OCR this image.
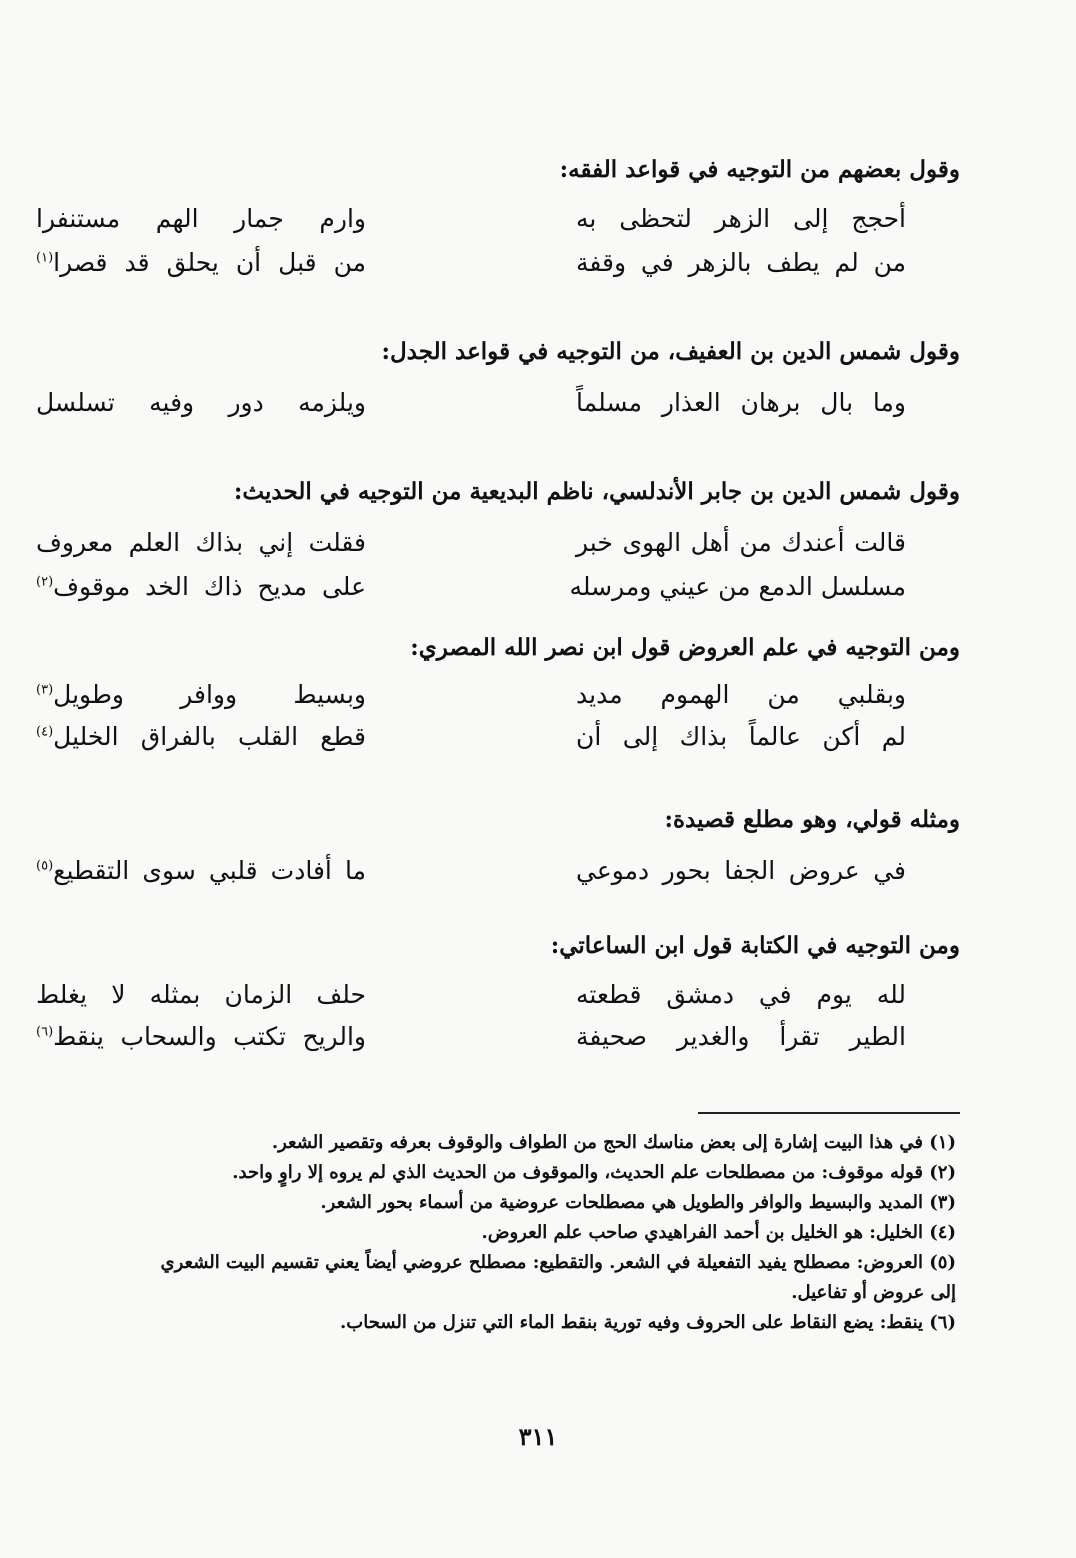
وقول بعضهم من التوجيه في قواعد الفقه:
أحجج إلى الزهر لتحظى به
وارم جمار الهم مستنفرا
من لم يطف بالزهر في وقفة
من قبل أن يحلق قد قصرا$^{(١)}$
وقول شمس الدين بن العفيف، من التوجيه في قواعد الجدل:
وما بال برهان العذار مسلماً
ويلزمه دور وفيه تسلسل
وقول شمس الدين بن جابر الأندلسي، ناظم البديعية من التوجيه في الحديث:
قالت أعندك من أهل الهوى خبر
فقلت إني بذاك العلم معروف
مسلسل الدمع من عيني ومرسله
على مديح ذاك الخد موقوف$^{(٢)}$
ومن التوجيه في علم العروض قول ابن نصر الله المصري:
وبقلبي من الهموم مديد
وبسيط ووافر وطويل$^{(٣)}$
لم أكن عالماً بذاك إلى أن
قطع القلب بالفراق الخليل$^{(٤)}$
ومثله قولي، وهو مطلع قصيدة:
في عروض الجفا بحور دموعي
ما أفادت قلبي سوى التقطيع$^{(٥)}$
ومن التوجيه في الكتابة قول ابن الساعاتي:
لله يوم في دمشق قطعته
حلف الزمان بمثله لا يغلط
الطير تقرأ والغدير صحيفة
والريح تكتب والسحاب ينقط$^{(٦)}$

(١) في هذا البيت إشارة إلى بعض مناسك الحج من الطواف والوقوف بعرفه وتقصير الشعر.

(٢) قوله موقوف: من مصطلحات علم الحديث، والموقوف من الحديث الذي لم يروه إلا راوٍ واحد.

(٣) المديد والبسيط والوافر والطويل هي مصطلحات عروضية من أسماء بحور الشعر.

(٤) الخليل: هو الخليل بن أحمد الفراهيدي صاحب علم العروض.

(٥) العروض: مصطلح يفيد التفعيلة في الشعر. والتقطيع: مصطلح عروضي أيضاً يعني تقسيم البيت الشعري إلى عروض أو تفاعيل.

(٦) ينقط: يضع النقاط على الحروف وفيه تورية بنقط الماء التي تنزل من السحاب.

٣١١
